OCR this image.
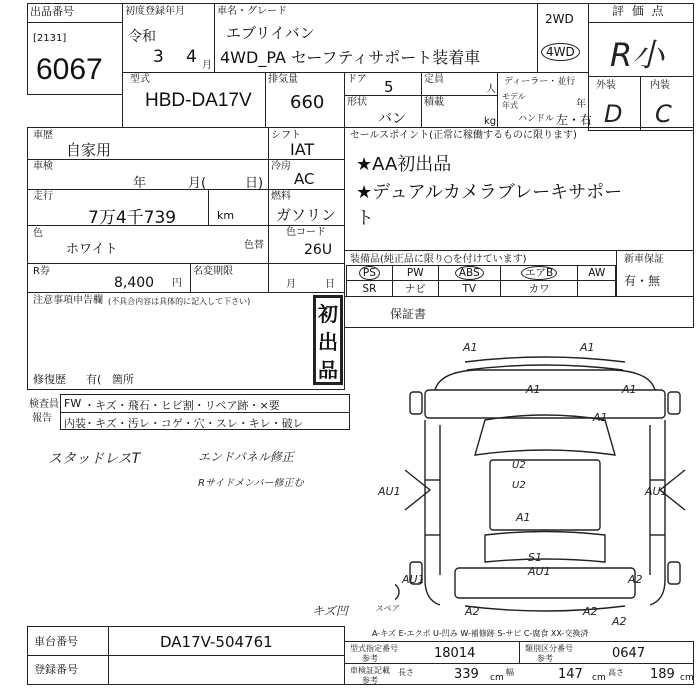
出品番号
[2131]
6067
初度登録年月
令和
3 4 月
車名・グレード
エブリイバン
4WD_PA セーフティサポート装着車
2WD
4WD
評 価 点
R小
外装	内装
D C
型式
HBD-DA17V
排気量
660
ドア 5	定員
人
形状
バン
積載
kg
ディーラー・並行
モデル年式	年
ハンドル 左・右
車歴
自家用
車検
年	月(	日)
走行
7万4千739	km
色
ホワイト	色替
R券
8,400 円
名変期限
月	日
シフト
IAT
冷房
AC
燃料
ガソリン
色コード
26U
セールスポイント(正常に稼働するものに限ります)
★AA初出品
★デュアルカメラブレーキサポー
ト
装備品(純正品に限り○を付けています)
PS	PW	ABS	エアB	AW
SR	ナビ	TV	カワ	
新車保証
有・無
保証書
注意事項申告欄 (不具合内容は具体的に記入して下さい)
初
出
品
修復歴 有( 箇所
検査員
報告
FW ・キズ・飛石・ヒビ割・リペア跡・×要
内装
・キズ・汚レ・コゲ・穴・スレ・キレ・破レ
スタッドレスT	エンドパネル修正
Rサイドメンバー修正む
キズ凹	スペア
A1	A1
A1	A1
AU1	AU1
U2
U2
A1
S1
AU1
AU1	A2
A2	A2
A2
A1
A-キズ E-エクボ U-凹み W-補修跡 S-サビ C-腐食 XX-交換済
車台番号	DA17V-504761
登録番号
型式指定番号
参考	18014	類別区分番号
参考	0647
車検証記載
参考
長さ	339 cm
幅	147 cm
高さ 189 cm
